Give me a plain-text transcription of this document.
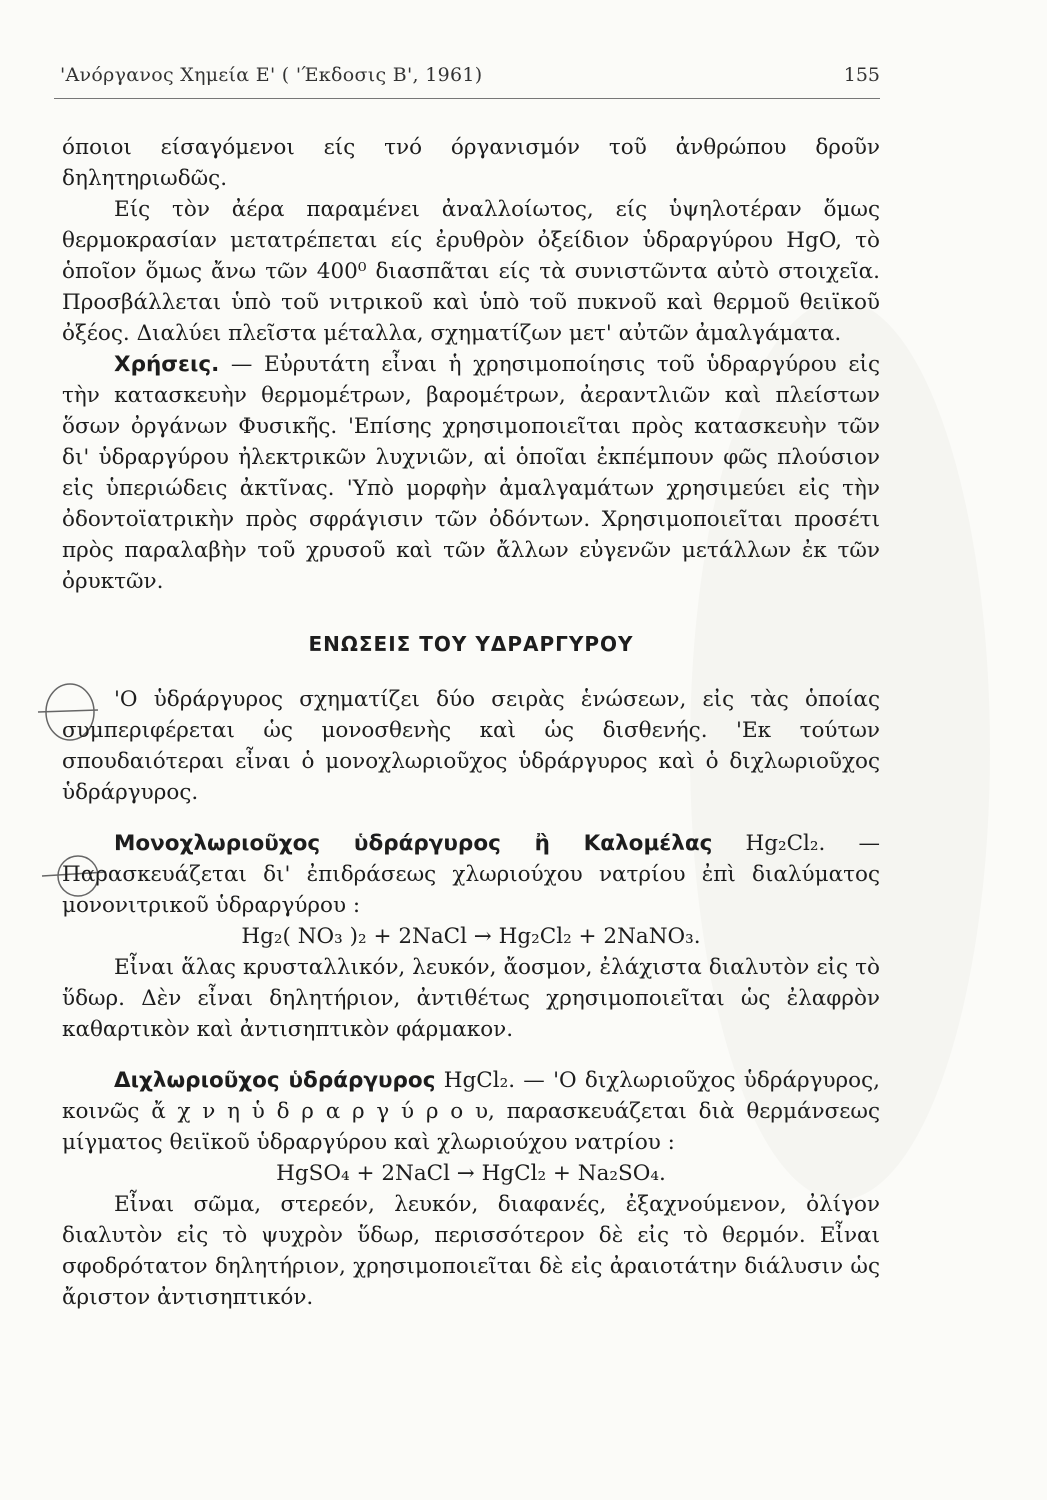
'Ανόργανος Χημεία Ε' ( 'Έκδοσις Β', 1961)	155

όποιοι είσαγόμενοι είς τνό όργανισμόν τοῦ ἀνθρώπου δροῦν δηλητηριωδῶς.

Είς τὸν ἀέρα παραμένει ἀναλλοίωτος, είς ὑψηλοτέραν ὅμως θερμοκρασίαν μετατρέπεται είς ἐρυθρὸν ὀξείδιον ὑδραργύρου HgO, τὸ ὁποῖον ὅμως ἄνω τῶν 400⁰ διασπᾶται είς τὰ συνιστῶντα αὐτὸ στοιχεῖα. Προσβάλλεται ὑπὸ τοῦ νιτρικοῦ καὶ ὑπὸ τοῦ πυκνοῦ καὶ θερμοῦ θειϊκοῦ ὀξέος. Διαλύει πλεῖστα μέταλλα, σχηματίζων μετ' αὐτῶν ἀμαλγάματα.

Χρήσεις. — Εὐρυτάτη εἶναι ἡ χρησιμοποίησις τοῦ ὑδραργύρου εἰς τὴν κατασκευὴν θερμομέτρων, βαρομέτρων, ἀεραντλιῶν καὶ πλείστων ὅσων ὀργάνων Φυσικῆς. 'Επίσης χρησιμοποιεῖται πρὸς κατασκευὴν τῶν δι' ὑδραργύρου ἠλεκτρικῶν λυχνιῶν, αἱ ὁποῖαι ἐκπέμπουν φῶς πλούσιον εἰς ὑπεριώδεις ἀκτῖνας. 'Υπὸ μορφὴν ἀμαλγαμάτων χρησιμεύει εἰς τὴν ὀδοντοϊατρικὴν πρὸς σφράγισιν τῶν ὀδόντων. Χρησιμοποιεῖται προσέτι πρὸς παραλαβὴν τοῦ χρυσοῦ καὶ τῶν ἄλλων εὐγενῶν μετάλλων ἐκ τῶν ὀρυκτῶν.

ΕΝΩΣΕΙΣ ΤΟΥ ΥΔΡΑΡΓΥΡΟΥ

'Ο ὑδράργυρος σχηματίζει δύο σειρὰς ἑνώσεων, εἰς τὰς ὁποίας συμπεριφέρεται ὡς μονοσθενὴς καὶ ὡς δισθενής. 'Εκ τούτων σπουδαιότεραι εἶναι ὁ μονοχλωριοῦχος ὑδράργυρος καὶ ὁ διχλωριοῦχος ὑδράργυρος.

Μονοχλωριοῦχος ὑδράργυρος ἢ Καλομέλας Hg₂Cl₂. — Παρασκευάζεται δι' ἐπιδράσεως χλωριούχου νατρίου ἐπὶ διαλύματος μονονιτρικοῦ ὑδραργύρου :

Hg₂( NO₃ )₂ + 2NaCl → Hg₂Cl₂ + 2NaNO₃.

Εἶναι ἅλας κρυσταλλικόν, λευκόν, ἄοσμον, ἐλάχιστα διαλυτὸν εἰς τὸ ὕδωρ. Δὲν εἶναι δηλητήριον, ἀντιθέτως χρησιμοποιεῖται ὡς ἐλαφρὸν καθαρτικὸν καὶ ἀντισηπτικὸν φάρμακον.

Διχλωριοῦχος ὑδράργυρος HgCl₂. — 'Ο διχλωριοῦχος ὑδράργυρος, κοινῶς ἄ χ ν η ὑ δ ρ α ρ γ ύ ρ ο υ, παρασκευάζεται διὰ θερμάνσεως μίγματος θειϊκοῦ ὑδραργύρου καὶ χλωριούχου νατρίου :

HgSO₄ + 2NaCl → HgCl₂ + Na₂SO₄.

Εἶναι σῶμα, στερεόν, λευκόν, διαφανές, ἐξαχνούμενον, ὀλίγον διαλυτὸν εἰς τὸ ψυχρὸν ὕδωρ, περισσότερον δὲ εἰς τὸ θερμόν. Εἶναι σφοδρότατον δηλητήριον, χρησιμοποιεῖται δὲ εἰς ἀραιοτάτην διάλυσιν ὡς ἄριστον ἀντισηπτικόν.
